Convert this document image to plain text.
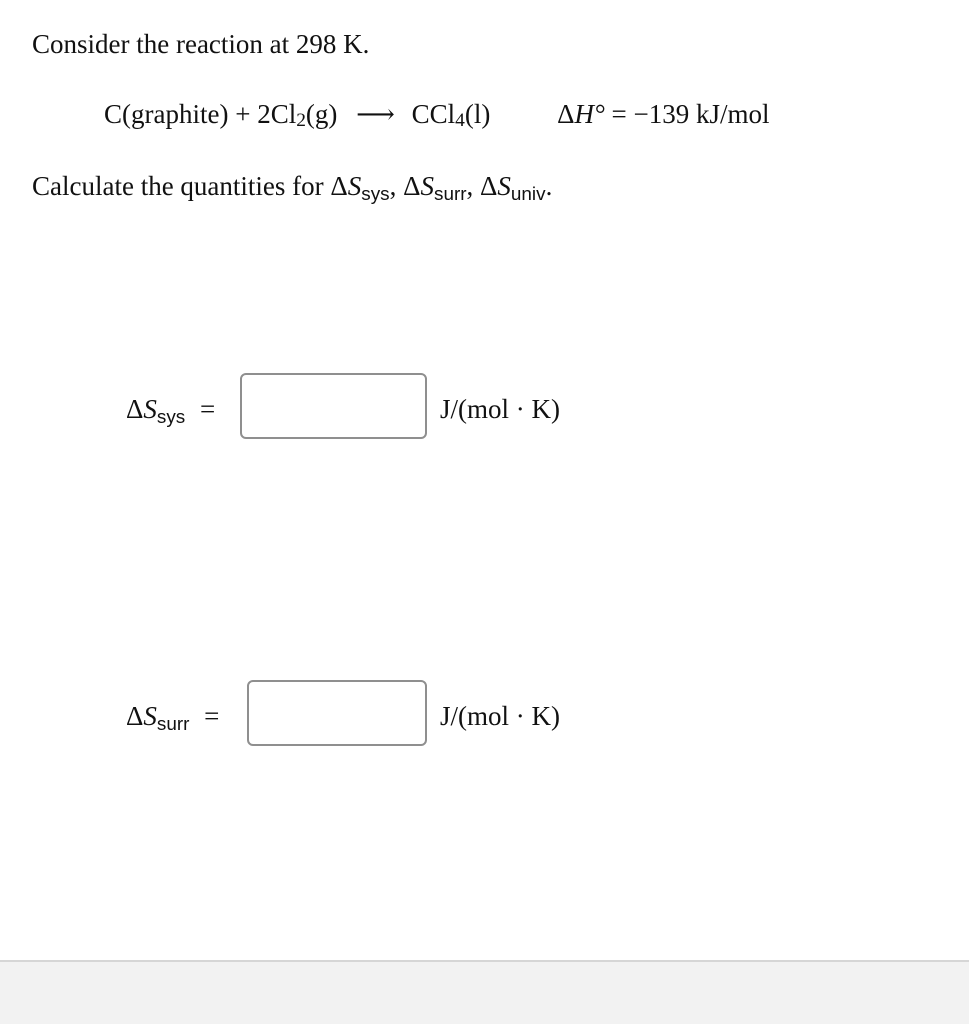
Consider the reaction at 298 K.
C(graphite) + $2Cl_2(g)$ ⟶ CCl$_4$(l) ΔH° = −139 kJ/mol
Calculate the quantities for ΔSsys, ΔSsurr, ΔSuniv.
ΔSsys =	J/(mol · K)
ΔSsurr =	J/(mol · K)
